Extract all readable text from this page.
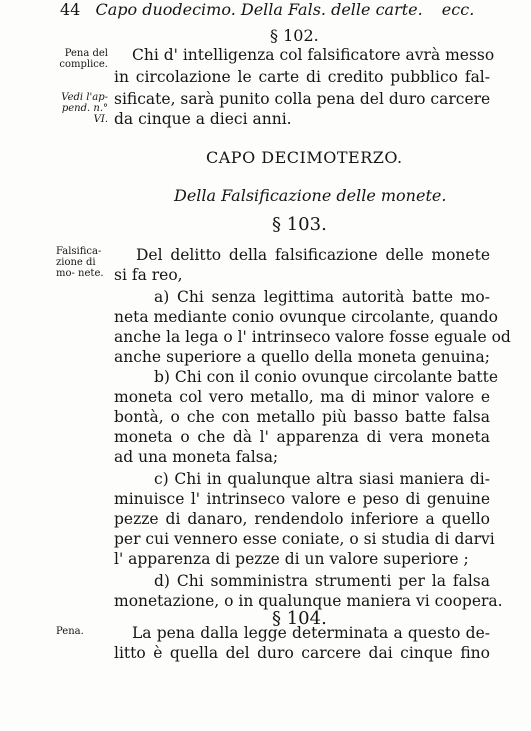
44 Capo duodecimo. Della Fals. delle carte. ecc.
§ 102.
Pena del complice.
Vedi l'ap- pend. n.° VI.
Chi d' intelligenza col falsificatore avrà messo
in circolazione le carte di credito pubblico fal-
sificate, sarà punito colla pena del duro carcere
da cinque a dieci anni.
CAPO DECIMOTERZO.
Della Falsificazione delle monete.
§ 103.
Falsifica- zione di mo- nete.
Del delitto della falsificazione delle monete
si fa reo,
a) Chi senza legittima autorità batte mo-
neta mediante conio ovunque circolante, quando
anche la lega o l' intrinseco valore fosse eguale od
anche superiore a quello della moneta genuina;
b) Chi con il conio ovunque circolante batte
moneta col vero metallo, ma di minor valore e
bontà, o che con metallo più basso batte falsa
moneta o che dà l' apparenza di vera moneta
ad una moneta falsa;
c) Chi in qualunque altra siasi maniera di-
minuisce l' intrinseco valore e peso di genuine
pezze di danaro, rendendolo inferiore a quello
per cui vennero esse coniate, o si studia di darvi
l' apparenza di pezze di un valore superiore ;
d) Chi somministra strumenti per la falsa
monetazione, o in qualunque maniera vi coopera.
§ 104.
Pena.	La pena dalla legge determinata a questo de-
litto è quella del duro carcere dai cinque fino
